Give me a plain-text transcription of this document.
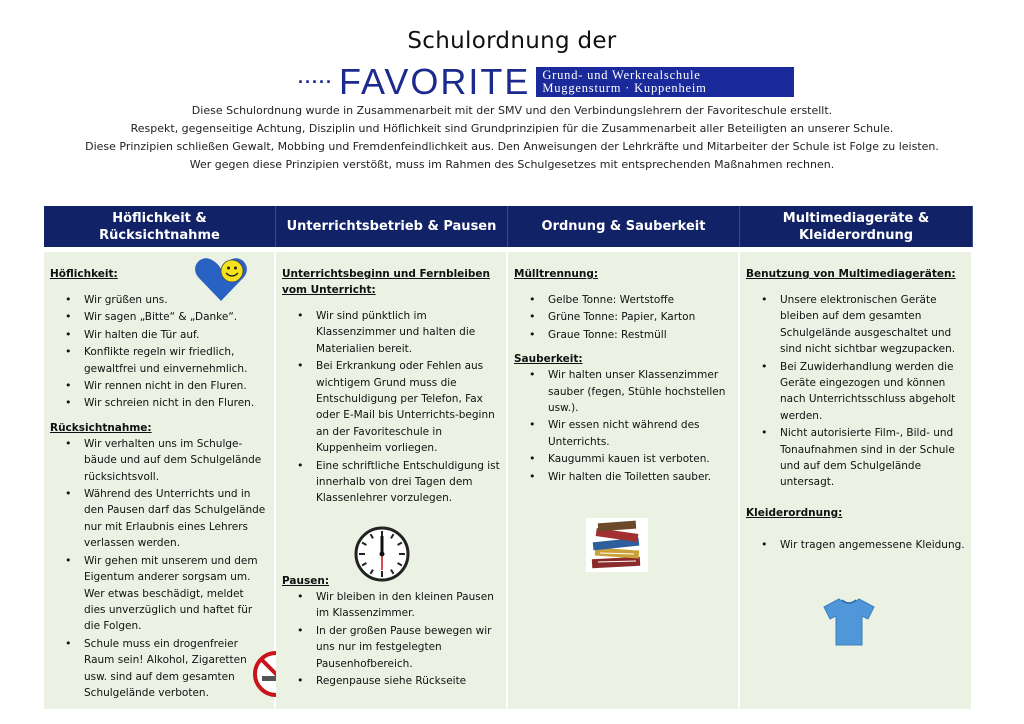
Schulordnung der
····· FAVORITE Grund- und Werkrealschule
Muggensturm · Kuppenheim
Diese Schulordnung wurde in Zusammenarbeit mit der SMV und den Verbindungslehrern der Favoriteschule erstellt.
Respekt, gegenseitige Achtung, Disziplin und Höflichkeit sind Grundprinzipien für die Zusammenarbeit aller Beteiligten an unserer Schule.
Diese Prinzipien schließen Gewalt, Mobbing und Fremdenfeindlichkeit aus. Den Anweisungen der Lehrkräfte und Mitarbeiter der Schule ist Folge zu leisten.
Wer gegen diese Prinzipien verstößt, muss im Rahmen des Schulgesetzes mit entsprechenden Maßnahmen rechnen.
Höflichkeit & Rücksichtnahme
Höflichkeit:
• Wir grüßen uns.
• Wir sagen „Bitte“ & „Danke“.
• Wir halten die Tür auf.
• Konflikte regeln wir friedlich, gewaltfrei und einvernehmlich.
• Wir rennen nicht in den Fluren.
• Wir schreien nicht in den Fluren.
Rücksichtnahme:
• Wir verhalten uns im Schulge-bäude und auf dem Schulgelände rücksichtsvoll.
• Während des Unterrichts und in den Pausen darf das Schulgelände nur mit Erlaubnis eines Lehrers verlassen werden.
• Wir gehen mit unserem und dem Eigentum anderer sorgsam um. Wer etwas beschädigt, meldet dies unverzüglich und haftet für die Folgen.
• Schule muss ein drogenfreier Raum sein! Alkohol, Zigaretten usw. sind auf dem gesamten Schulgelände verboten.
Unterrichtsbetrieb & Pausen
Unterrichtsbeginn und Fernbleiben vom Unterricht:
• Wir sind pünktlich im Klassenzimmer und halten die Materialien bereit.
• Bei Erkrankung oder Fehlen aus wichtigem Grund muss die Entschuldigung per Telefon, Fax oder E-Mail bis Unterrichts-beginn an der Favoriteschule in Kuppenheim vorliegen.
• Eine schriftliche Entschuldigung ist innerhalb von drei Tagen dem Klassenlehrer vorzulegen.
Pausen:
• Wir bleiben in den kleinen Pausen im Klassenzimmer.
• In der großen Pause bewegen wir uns nur im festgelegten Pausenhofbereich.
• Regenpause siehe Rückseite
Ordnung & Sauberkeit
Mülltrennung:
• Gelbe Tonne: Wertstoffe
• Grüne Tonne: Papier, Karton
• Graue Tonne: Restmüll
Sauberkeit:
• Wir halten unser Klassenzimmer sauber (fegen, Stühle hochstellen usw.).
• Wir essen nicht während des Unterrichts.
• Kaugummi kauen ist verboten.
• Wir halten die Toiletten sauber.
Multimediageräte & Kleiderordnung
Benutzung von Multimediageräten:
• Unsere elektronischen Geräte bleiben auf dem gesamten Schulgelände ausgeschaltet und sind nicht sichtbar wegzupacken.
• Bei Zuwiderhandlung werden die Geräte eingezogen und können nach Unterrichtsschluss abgeholt werden.
• Nicht autorisierte Film-, Bild- und Tonaufnahmen sind in der Schule und auf dem Schulgelände untersagt.
Kleiderordnung:
• Wir tragen angemessene Kleidung.
